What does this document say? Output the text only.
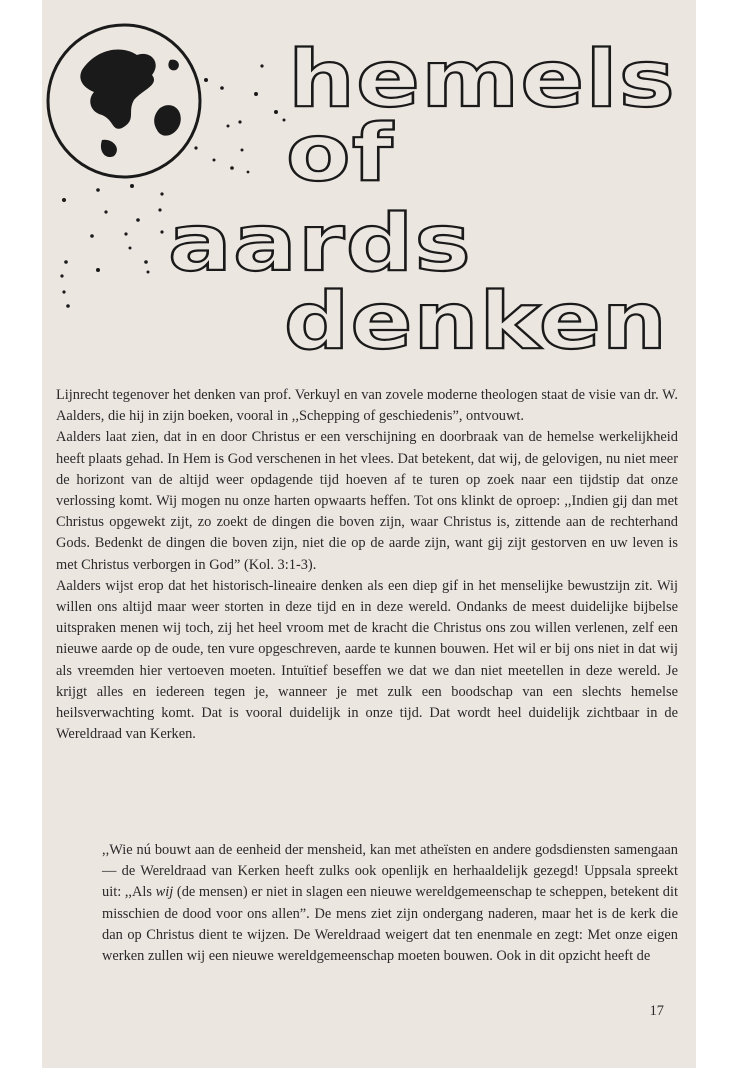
hemels
of
aards
denken

Lijnrecht tegenover het denken van prof. Verkuyl en van zovele moderne theologen staat de visie van dr. W. Aalders, die hij in zijn boeken, vooral in ,,Schepping of geschiedenis”, ontvouwt.

Aalders laat zien, dat in en door Christus er een verschijning en doorbraak van de hemelse werkelijkheid heeft plaats gehad. In Hem is God verschenen in het vlees. Dat betekent, dat wij, de gelovigen, nu niet meer de horizont van de altijd weer opdagende tijd hoeven af te turen op zoek naar een tijdstip dat onze verlossing komt. Wij mogen nu onze harten opwaarts heffen. Tot ons klinkt de oproep: ,,Indien gij dan met Christus opgewekt zijt, zo zoekt de dingen die boven zijn, waar Christus is, zittende aan de rechterhand Gods. Bedenkt de dingen die boven zijn, niet die op de aarde zijn, want gij zijt gestorven en uw leven is met Christus verborgen in God” (Kol. 3:1-3).

Aalders wijst erop dat het historisch-lineaire denken als een diep gif in het menselijke bewustzijn zit. Wij willen ons altijd maar weer storten in deze tijd en in deze wereld. Ondanks de meest duidelijke bijbelse uitspraken menen wij toch, zij het heel vroom met de kracht die Christus ons zou willen verlenen, zelf een nieuwe aarde op de oude, ten vure opgeschreven, aarde te kunnen bouwen. Het wil er bij ons niet in dat wij als vreemden hier vertoeven moeten. Intuïtief beseffen we dat we dan niet meetellen in deze wereld. Je krijgt alles en iedereen tegen je, wanneer je met zulk een boodschap van een slechts hemelse heilsverwachting komt. Dat is vooral duidelijk in onze tijd. Dat wordt heel duidelijk zichtbaar in de Wereldraad van Kerken.

,,Wie nú bouwt aan de eenheid der mensheid, kan met atheïsten en andere godsdiensten samengaan — de Wereldraad van Kerken heeft zulks ook openlijk en herhaaldelijk gezegd! Uppsala spreekt uit: ,,Als wij (de mensen) er niet in slagen een nieuwe wereldgemeenschap te scheppen, betekent dit misschien de dood voor ons allen”. De mens ziet zijn ondergang naderen, maar het is de kerk die dan op Christus dient te wijzen. De Wereldraad weigert dat ten enenmale en zegt: Met onze eigen werken zullen wij een nieuwe wereldgemeenschap moeten bouwen. Ook in dit opzicht heeft de

17
